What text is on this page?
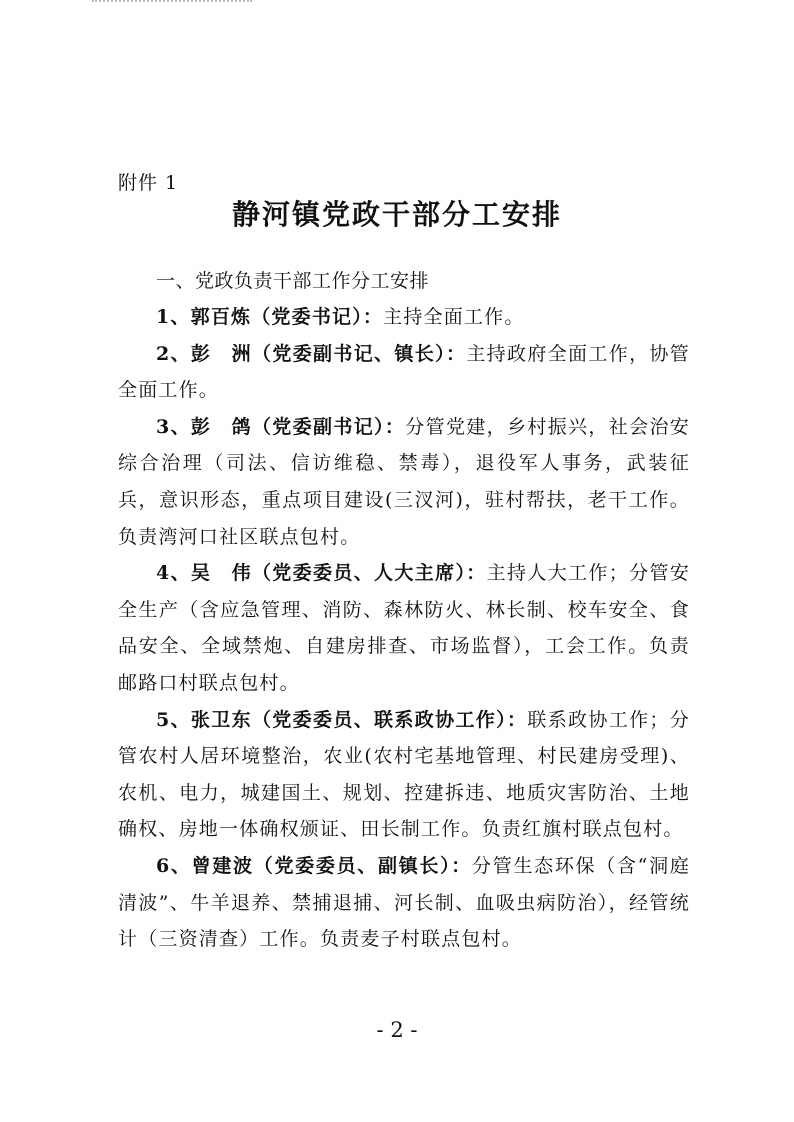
附件 1
静河镇党政干部分工安排

一、党政负责干部工作分工安排

1、郭百炼（党委书记）：主持全面工作。

2、彭　洲（党委副书记、镇长）：主持政府全面工作，协管全面工作。

3、彭　鸽（党委副书记）：分管党建，乡村振兴，社会治安综合治理（司法、信访维稳、禁毒），退役军人事务，武装征兵，意识形态，重点项目建设(三汊河)，驻村帮扶，老干工作。负责湾河口社区联点包村。

4、吴　伟（党委委员、人大主席）：主持人大工作；分管安全生产（含应急管理、消防、森林防火、林长制、校车安全、食品安全、全域禁炮、自建房排查、市场监督），工会工作。负责邮路口村联点包村。

5、张卫东（党委委员、联系政协工作）：联系政协工作；分管农村人居环境整治，农业(农村宅基地管理、村民建房受理)、农机、电力，城建国土、规划、控建拆违、地质灾害防治、土地确权、房地一体确权颁证、田长制工作。负责红旗村联点包村。

6、曾建波（党委委员、副镇长）：分管生态环保（含“洞庭清波”、牛羊退养、禁捕退捕、河长制、血吸虫病防治），经管统计（三资清查）工作。负责麦子村联点包村。

- 2 -
